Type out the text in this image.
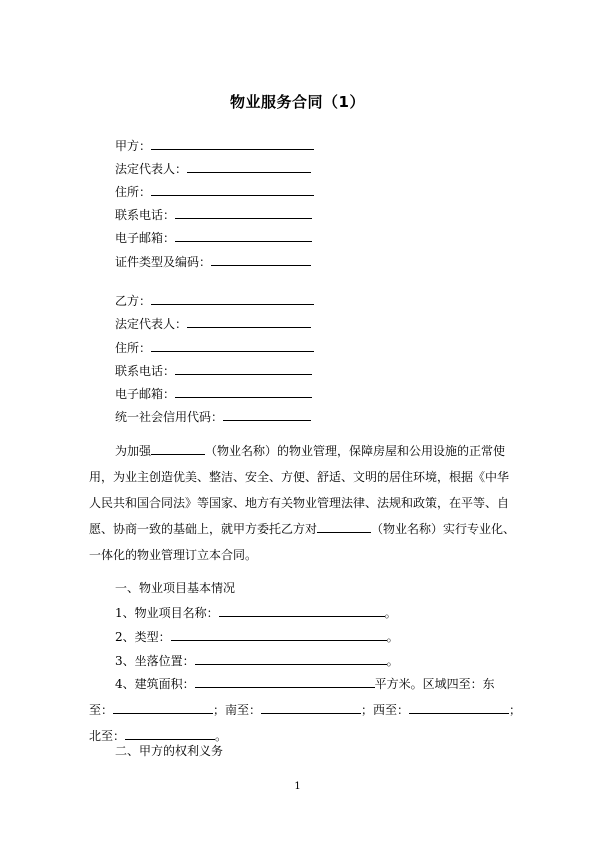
物业服务合同（1）
甲方：
法定代表人：
住所：
联系电话：
电子邮箱：
证件类型及编码：
乙方：
法定代表人：
住所：
联系电话：
电子邮箱：
统一社会信用代码：
为加强	（物业名称）的物业管理，保障房屋和公用设施的正常使
用，为业主创造优美、整洁、安全、方便、舒适、文明的居住环境，根据《中华
人民共和国合同法》等国家、地方有关物业管理法律、法规和政策，在平等、自
愿、协商一致的基础上，就甲方委托乙方对	（物业名称）实行专业化、
一体化的物业管理订立本合同。
一、物业项目基本情况
1、物业项目名称：	。
2、类型：	。
3、坐落位置：	。
4、建筑面积：	平方米。区域四至：东
至：	；南至：	；西至：	；
北至：	。
二、甲方的权利义务
1
